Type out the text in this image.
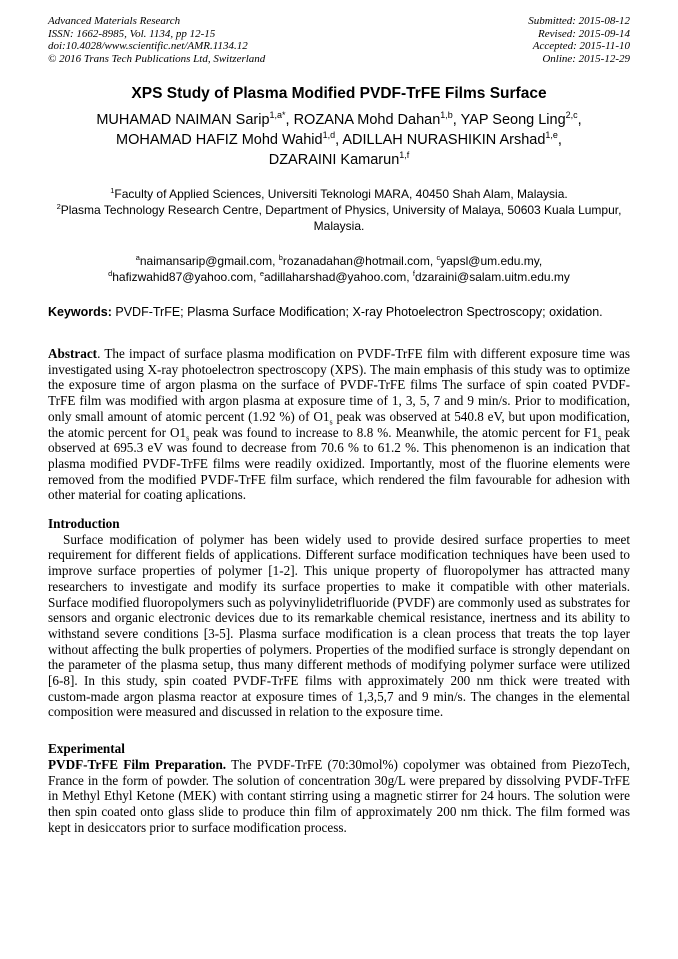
Advanced Materials Research
ISSN: 1662-8985, Vol. 1134, pp 12-15
doi:10.4028/www.scientific.net/AMR.1134.12
© 2016 Trans Tech Publications Ltd, Switzerland
Submitted: 2015-08-12
Revised: 2015-09-14
Accepted: 2015-11-10
Online: 2015-12-29
XPS Study of Plasma Modified PVDF-TrFE Films Surface
MUHAMAD NAIMAN Sarip$^{1,a*}$, ROZANA Mohd Dahan$^{1,b}$, YAP Seong Ling$^{2,c}$,
MOHAMAD HAFIZ Mohd Wahid$^{1,d}$, ADILLAH NURASHIKIN Arshad$^{1,e}$,
DZARAINI Kamarun$^{1,f}$
$^1$Faculty of Applied Sciences, Universiti Teknologi MARA, 40450 Shah Alam, Malaysia.
$^2$Plasma Technology Research Centre, Department of Physics, University of Malaya, 50603 Kuala Lumpur, Malaysia.
$^a$naimansarip@gmail.com, $^b$rozanadahan@hotmail.com, $^c$yapsl@um.edu.my,
$^d$hafizwahid87@yahoo.com, $^e$adillaharshad@yahoo.com, $^f$dzaraini@salam.uitm.edu.my

Keywords: PVDF-TrFE; Plasma Surface Modification; X-ray Photoelectron Spectroscopy; oxidation.

Abstract. The impact of surface plasma modification on PVDF-TrFE film with different exposure time was investigated using X-ray photoelectron spectroscopy (XPS). The main emphasis of this study was to optimize the exposure time of argon plasma on the surface of PVDF-TrFE films The surface of spin coated PVDF-TrFE film was modified with argon plasma at exposure time of 1, 3, 5, 7 and 9 min/s. Prior to modification, only small amount of atomic percent (1.92 %) of $O1_s$ peak was observed at 540.8 eV, but upon modification, the atomic percent for $O1_s$ peak was found to increase to 8.8 %. Meanwhile, the atomic percent for $F1_s$ peak observed at 695.3 eV was found to decrease from 70.6 % to 61.2 %. This phenomenon is an indication that plasma modified PVDF-TrFE films were readily oxidized. Importantly, most of the fluorine elements were removed from the modified PVDF-TrFE film surface, which rendered the film favourable for adhesion with other material for coating aplications.

Introduction

Surface modification of polymer has been widely used to provide desired surface properties to meet requirement for different fields of applications. Different surface modification techniques have been used to improve surface properties of polymer [1-2]. This unique property of fluoropolymer has attracted many researchers to investigate and modify its surface properties to make it compatible with other materials. Surface modified fluoropolymers such as polyvinylidetrifluoride (PVDF) are commonly used as substrates for sensors and organic electronic devices due to its remarkable chemical resistance, inertness and its ability to withstand severe conditions [3-5]. Plasma surface modification is a clean process that treats the top layer without affecting the bulk properties of polymers. Properties of the modified surface is strongly dependant on the parameter of the plasma setup, thus many different methods of modifying polymer surface were utilized [6-8]. In this study, spin coated PVDF-TrFE films with approximately 200 nm thick were treated with custom-made argon plasma reactor at exposure times of 1,3,5,7 and 9 min/s. The changes in the elemental composition were measured and discussed in relation to the exposure time.

Experimental

PVDF-TrFE Film Preparation. The PVDF-TrFE (70:30mol%) copolymer was obtained from PiezoTech, France in the form of powder. The solution of concentration 30g/L were prepared by dissolving PVDF-TrFE in Methyl Ethyl Ketone (MEK) with contant stirring using a magnetic stirrer for 24 hours. The solution were then spin coated onto glass slide to produce thin film of approximately 200 nm thick. The film formed was kept in desiccators prior to surface modification process.
